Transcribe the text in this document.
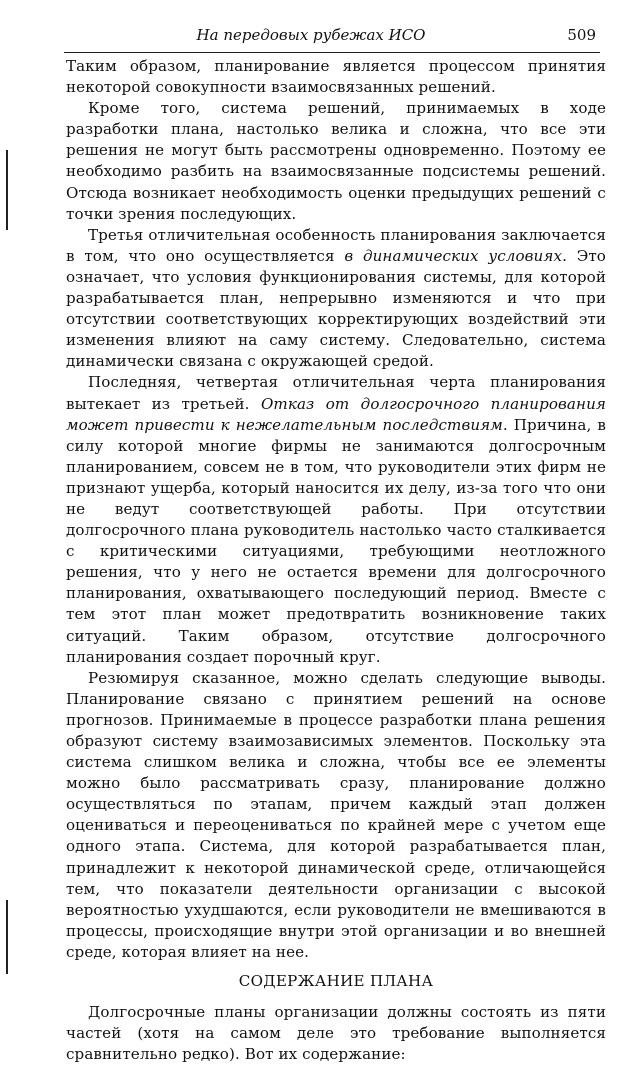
На передовых рубежах ИСО	509

Таким образом, планирование является процессом принятия некоторой совокупности взаимосвязанных решений.

Кроме того, система решений, принимаемых в ходе разработки плана, настолько велика и сложна, что все эти решения не могут быть рассмотрены одновременно. Поэтому ее необходимо разбить на взаимосвязанные подсистемы решений. Отсюда возникает необходимость оценки предыдущих решений с точки зрения последующих.

Третья отличительная особенность планирования заключается в том, что оно осуществляется в динамических условиях. Это означает, что условия функционирования системы, для которой разрабатывается план, непрерывно изменяются и что при отсутствии соответствующих корректирующих воздействий эти изменения влияют на саму систему. Следовательно, система динамически связана с окружающей средой.

Последняя, четвертая отличительная черта планирования вытекает из третьей. Отказ от долгосрочного планирования может привести к нежелательным последствиям. Причина, в силу которой многие фирмы не занимаются долгосрочным планированием, совсем не в том, что руководители этих фирм не признают ущерба, который наносится их делу, из-за того что они не ведут соответствующей работы. При отсутствии долгосрочного плана руководитель настолько часто сталкивается с критическими ситуациями, требующими неотложного решения, что у него не остается времени для долгосрочного планирования, охватывающего последующий период. Вместе с тем этот план может предотвратить возникновение таких ситуаций. Таким образом, отсутствие долгосрочного планирования создает порочный круг.

Резюмируя сказанное, можно сделать следующие выводы. Планирование связано с принятием решений на основе прогнозов. Принимаемые в процессе разработки плана решения образуют систему взаимозависимых элементов. Поскольку эта система слишком велика и сложна, чтобы все ее элементы можно было рассматривать сразу, планирование должно осуществляться по этапам, причем каждый этап должен оцениваться и переоцениваться по крайней мере с учетом еще одного этапа. Система, для которой разрабатывается план, принадлежит к некоторой динамической среде, отличающейся тем, что показатели деятельности организации с высокой вероятностью ухудшаются, если руководители не вмешиваются в процессы, происходящие внутри этой организации и во внешней среде, которая влияет на нее.

СОДЕРЖАНИЕ ПЛАНА

Долгосрочные планы организации должны состоять из пяти частей (хотя на самом деле это требование выполняется сравнительно редко). Вот их содержание:
